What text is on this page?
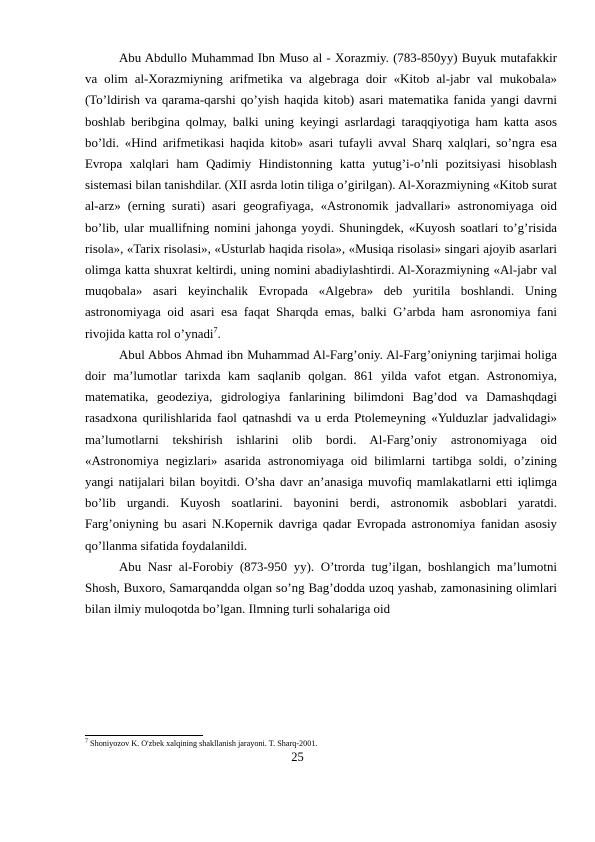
Abu Abdullo Muhammad Ibn Muso al - Xorazmiy. (783-850yy) Buyuk mutafakkir va olim al-Xorazmiyning arifmetika va algebraga doir «Kitob al-jabr val mukobala» (To’ldirish va qarama-qarshi qo’yish haqida kitob) asari matematika fanida yangi davrni boshlab beribgina qolmay, balki uning keyingi asrlardagi taraqqiyotiga ham katta asos bo’ldi. «Hind arifmetikasi haqida kitob» asari tufayli avval Sharq xalqlari, so’ngra esa Evropa xalqlari ham Qadimiy Hindistonning katta yutug’i-o’nli pozitsiyasi hisoblash sistemasi bilan tanishdilar. (XII asrda lotin tiliga o’girilgan). Al-Xorazmiyning «Kitob surat al-arz» (erning surati) asari geografiyaga, «Astronomik jadvallari» astronomiyaga oid bo’lib, ular muallifning nomini jahonga yoydi. Shuningdek, «Kuyosh soatlari to’g’risida risola», «Tarix risolasi», «Usturlab haqida risola», «Musiqa risolasi» singari ajoyib asarlari olimga katta shuxrat keltirdi, uning nomini abadiylashtirdi. Al-Xorazmiyning «Al-jabr val muqobala» asari keyinchalik Evropada «Algebra» deb yuritila boshlandi. Uning astronomiyaga oid asari esa faqat Sharqda emas, balki G’arbda ham asronomiya fani rivojida katta rol o’ynadi$^7$.

Abul Abbos Ahmad ibn Muhammad Al-Farg’oniy. Al-Farg’oniyning tarjimai holiga doir ma’lumotlar tarixda kam saqlanib qolgan. 861 yilda vafot etgan. Astronomiya, matematika, geodeziya, gidrologiya fanlarining bilimdoni Bag’dod va Damashqdagi rasadxona qurilishlarida faol qatnashdi va u erda Ptolemeyning «Yulduzlar jadvalidagi» ma’lumotlarni tekshirish ishlarini olib bordi. Al-Farg’oniy astronomiyaga oid «Astronomiya negizlari» asarida astronomiyaga oid bilimlarni tartibga soldi, o’zining yangi natijalari bilan boyitdi. O’sha davr an’anasiga muvofiq mamlakatlarni etti iqlimga bo’lib urgandi. Kuyosh soatlarini. bayonini berdi, astronomik asboblari yaratdi. Farg’oniyning bu asari N.Kopernik davriga qadar Evropada astronomiya fanidan asosiy qo’llanma sifatida foydalanildi.

Abu Nasr al-Forobiy (873-950 yy). O’trorda tug’ilgan, boshlangich ma’lumotni Shosh, Buxoro, Samarqandda olgan so’ng Bag’dodda uzoq yashab, zamonasining olimlari bilan ilmiy muloqotda bo’lgan. Ilmning turli sohalariga oid

$^7$ Shoniyozov K. O'zbek xalqining shakllanish jarayoni. T. Sharq-2001.
25
